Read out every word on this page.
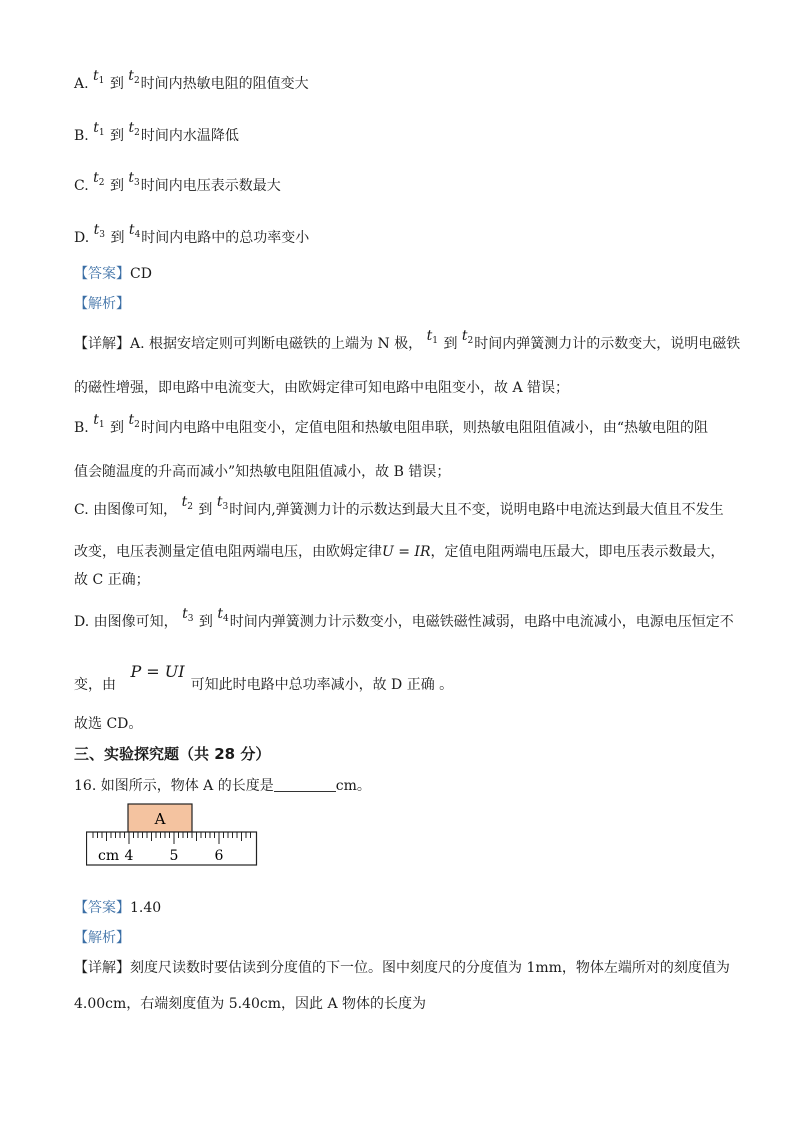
A. $t^1$ 到 $t^2$时间内热敏电阻的阻值变大
B. $t^1$ 到 $t^2$时间内水温降低
C. $t^2$ 到 $t^3$时间内电压表示数最大
D. $t^3$ 到 $t^4$时间内电路中的总功率变小
【答案】CD
【解析】
【详解】A. 根据安培定则可判断电磁铁的上端为 N 极， $t^1$ 到 $t^2$时间内弹簧测力计的示数变大，说明电磁铁
的磁性增强，即电路中电流变大，由欧姆定律可知电路中电阻变小，故 A 错误；
B. $t^1$ 到 $t^2$时间内电路中电阻变小，定值电阻和热敏电阻串联，则热敏电阻阻值减小，由“热敏电阻的阻
值会随温度的升高而减小”知热敏电阻阻值减小，故 B 错误；
C. 由图像可知， $t^2$ 到 $t^3$时间内,弹簧测力计的示数达到最大且不变，说明电路中电流达到最大值且不发生
改变，电压表测量定值电阻两端电压，由欧姆定律U = IR，定值电阻两端电压最大，即电压表示数最大，
故 C 正确；
D. 由图像可知， $t^3$ 到 $t^4$时间内弹簧测力计示数变小，电磁铁磁性减弱，电路中电流减小，电源电压恒定不
变，由 P = UI可知此时电路中总功率减小，故 D 正确 。
故选 CD。
三、实验探究题（共 28 分）
16. 如图所示，物体 A 的长度是	cm。
A
cm 4	5	6
【答案】1.40
【解析】
【详解】刻度尺读数时要估读到分度值的下一位。图中刻度尺的分度值为 1mm，物体左端所对的刻度值为
4.00cm，右端刻度值为 5.40cm，因此 A 物体的长度为
